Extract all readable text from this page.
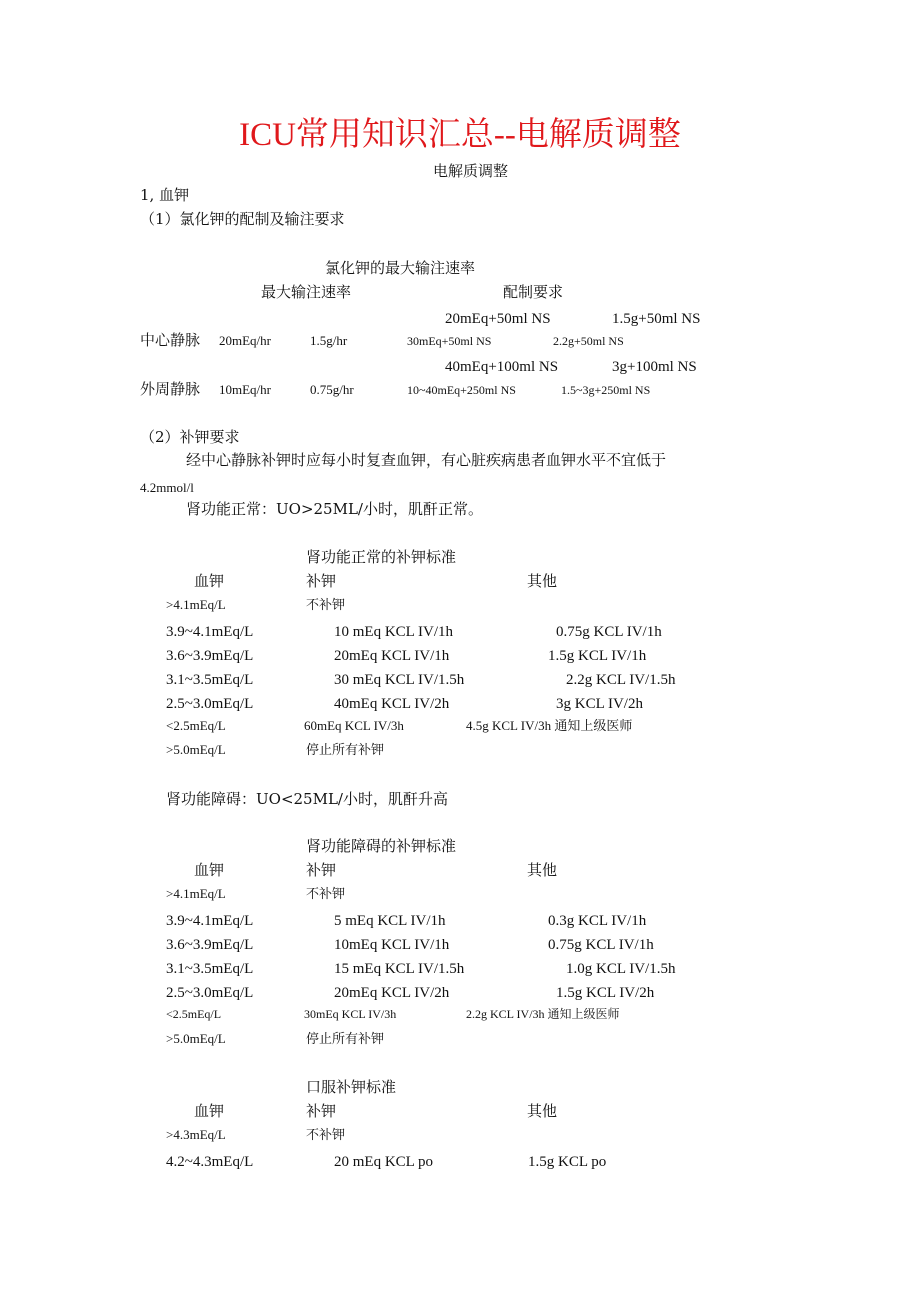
ICU常用知识汇总--电解质调整
电解质调整
1, 血钾
（1）氯化钾的配制及输注要求
氯化钾的最大输注速率
最大输注速率	配制要求
20mEq+50ml NS	1.5g+50ml NS
中心静脉 20mEq/hr	1.5g/hr	30mEq+50ml NS	2.2g+50ml NS
40mEq+100ml NS	3g+100ml NS
外周静脉 10mEq/hr	0.75g/hr	10~40mEq+250ml NS	1.5~3g+250ml NS
（2）补钾要求
经中心静脉补钾时应每小时复查血钾，有心脏疾病患者血钾水平不宜低于
4.2mmol/l
肾功能正常：UO>25ML/小时，肌酐正常。
肾功能正常的补钾标准
血钾	补钾	其他
>4.1mEq/L	不补钾
3.9~4.1mEq/L	10 mEq KCL IV/1h	0.75g KCL IV/1h
3.6~3.9mEq/L	20mEq KCL IV/1h	1.5g KCL IV/1h
3.1~3.5mEq/L	30 mEq KCL IV/1.5h	2.2g KCL IV/1.5h
2.5~3.0mEq/L	40mEq KCL IV/2h	3g KCL IV/2h
<2.5mEq/L	60mEq KCL IV/3h	4.5g KCL IV/3h 通知上级医师
>5.0mEq/L	停止所有补钾
肾功能障碍：UO<25ML/小时，肌酐升高
肾功能障碍的补钾标准
血钾	补钾	其他
>4.1mEq/L	不补钾
3.9~4.1mEq/L	5 mEq KCL IV/1h	0.3g KCL IV/1h
3.6~3.9mEq/L	10mEq KCL IV/1h	0.75g KCL IV/1h
3.1~3.5mEq/L	15 mEq KCL IV/1.5h	1.0g KCL IV/1.5h
2.5~3.0mEq/L	20mEq KCL IV/2h	1.5g KCL IV/2h
<2.5mEq/L	30mEq KCL IV/3h	2.2g KCL IV/3h 通知上级医师
>5.0mEq/L	停止所有补钾
口服补钾标准
血钾	补钾	其他
>4.3mEq/L	不补钾
4.2~4.3mEq/L	20 mEq KCL po	1.5g KCL po
